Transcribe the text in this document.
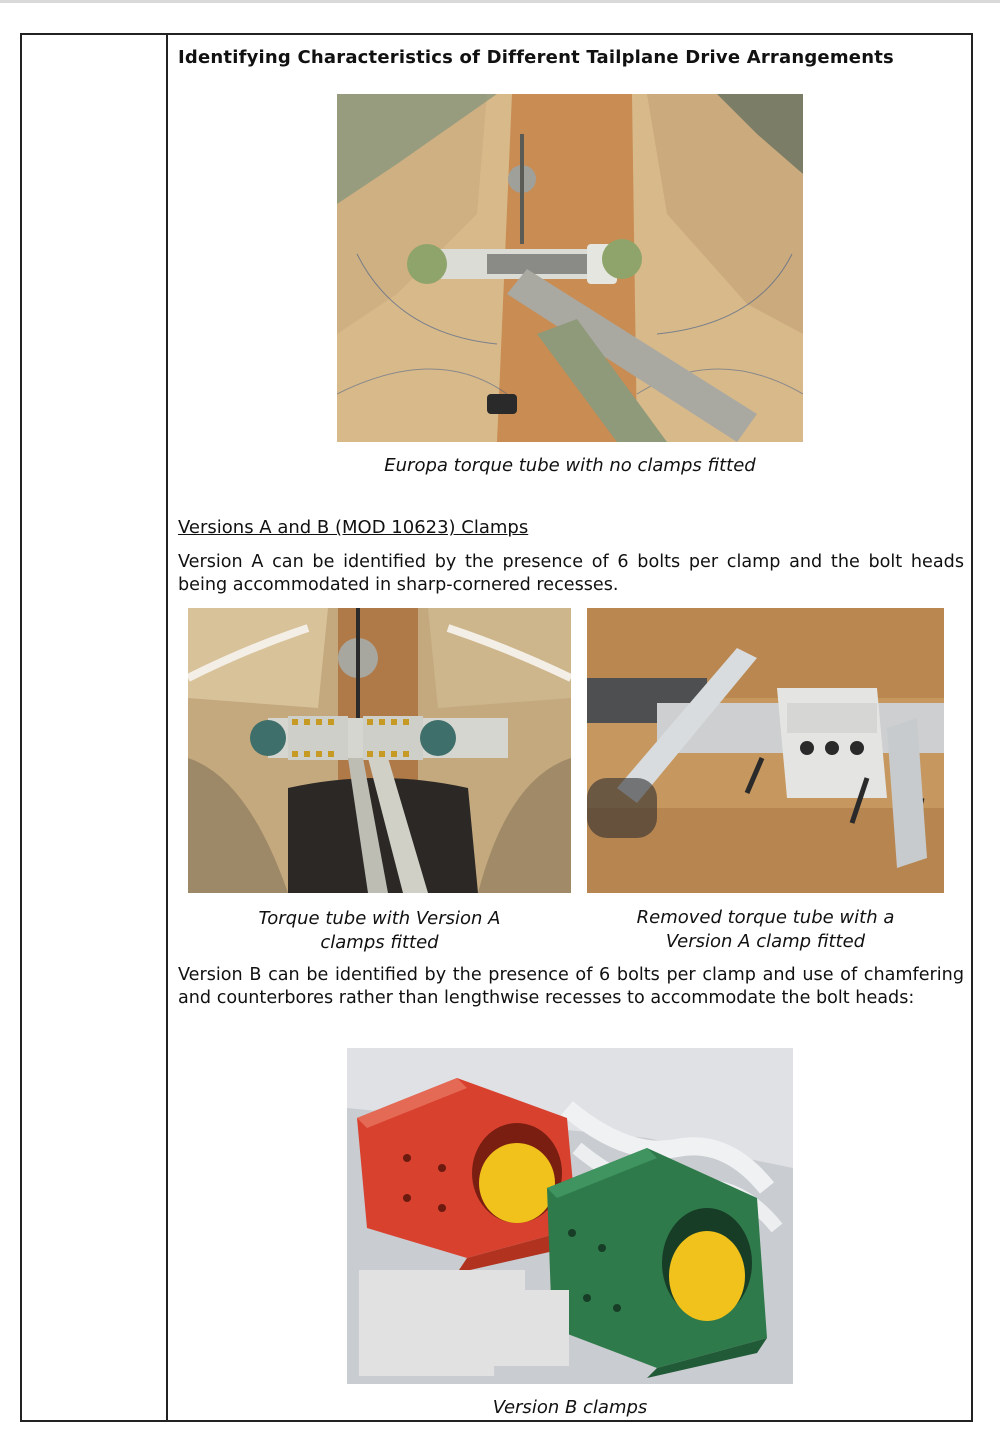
Identifying Characteristics of Different Tailplane Drive Arrangements
Europa torque tube with no clamps fitted
Versions A and B (MOD 10623) Clamps
Version A can be identified by the presence of 6 bolts per clamp and the bolt heads being accommodated in sharp-cornered recesses.
Torque tube with Version A
clamps fitted
Removed torque tube with a
Version A clamp fitted
Version B can be identified by the presence of 6 bolts per clamp and use of chamfering and counterbores rather than lengthwise recesses to accommodate the bolt heads:
Version B clamps
